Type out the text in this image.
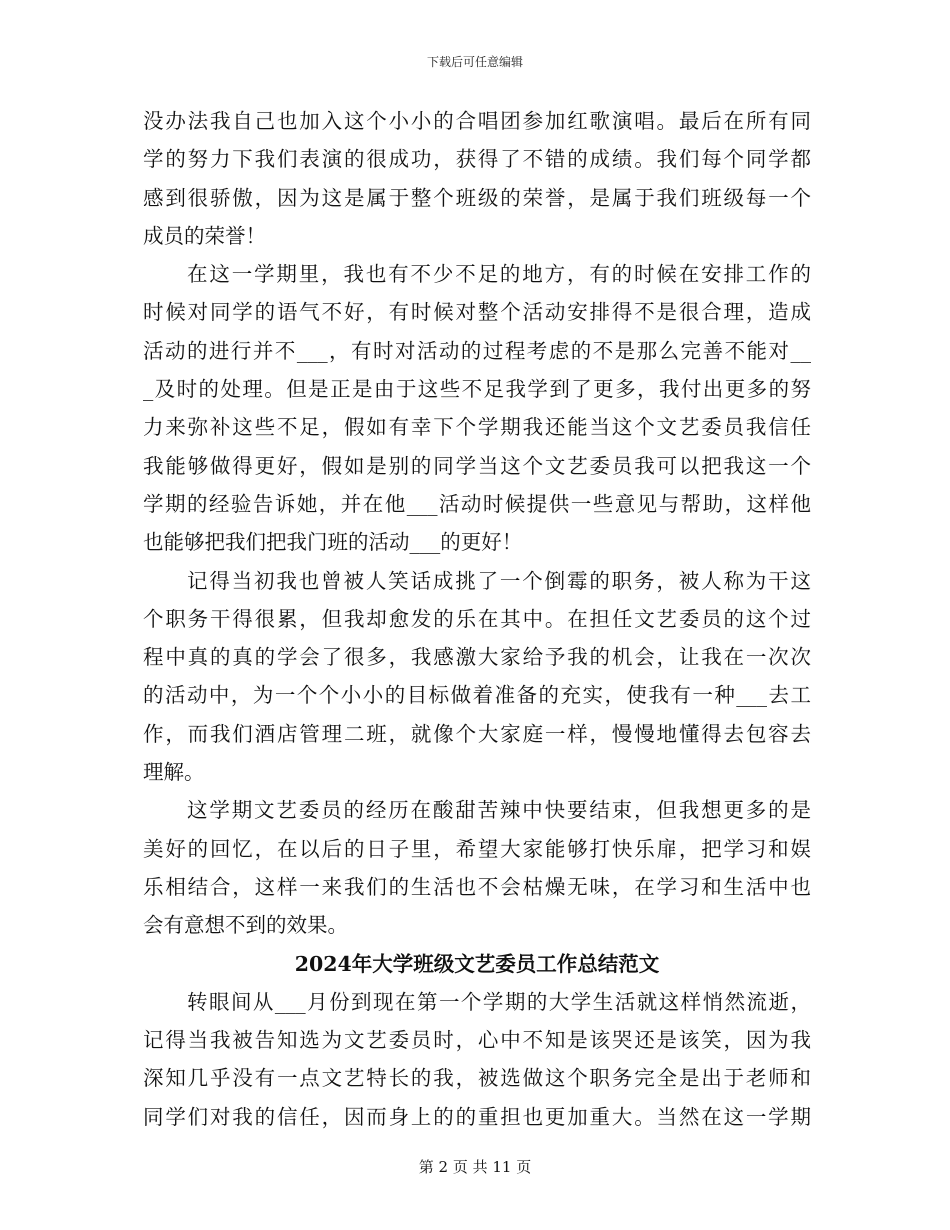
下载后可任意编辑
没办法我自己也加入这个小小的合唱团参加红歌演唱。最后在所有同
学的努力下我们表演的很成功，获得了不错的成绩。我们每个同学都
感到很骄傲，因为这是属于整个班级的荣誉，是属于我们班级每一个
成员的荣誉！
在这一学期里，我也有不少不足的地方，有的时候在安排工作的
时候对同学的语气不好，有时候对整个活动安排得不是很合理，造成
活动的进行并不___，有时对活动的过程考虑的不是那么完善不能对__
_及时的处理。但是正是由于这些不足我学到了更多，我付出更多的努
力来弥补这些不足，假如有幸下个学期我还能当这个文艺委员我信任
我能够做得更好，假如是别的同学当这个文艺委员我可以把我这一个
学期的经验告诉她，并在他___活动时候提供一些意见与帮助，这样他
也能够把我们把我门班的活动___的更好！
记得当初我也曾被人笑话成挑了一个倒霉的职务，被人称为干这
个职务干得很累，但我却愈发的乐在其中。在担任文艺委员的这个过
程中真的真的学会了很多，我感激大家给予我的机会，让我在一次次
的活动中，为一个个小小的目标做着准备的充实，使我有一种___去工
作，而我们酒店管理二班，就像个大家庭一样，慢慢地懂得去包容去
理解。
这学期文艺委员的经历在酸甜苦辣中快要结束，但我想更多的是
美好的回忆，在以后的日子里，希望大家能够打快乐扉，把学习和娱
乐相结合，这样一来我们的生活也不会枯燥无味，在学习和生活中也
会有意想不到的效果。
2024年大学班级文艺委员工作总结范文
转眼间从___月份到现在第一个学期的大学生活就这样悄然流逝，
记得当我被告知选为文艺委员时，心中不知是该哭还是该笑，因为我
深知几乎没有一点文艺特长的我，被选做这个职务完全是出于老师和
同学们对我的信任，因而身上的的重担也更加重大。当然在这一学期
第 2 页 共 11 页
